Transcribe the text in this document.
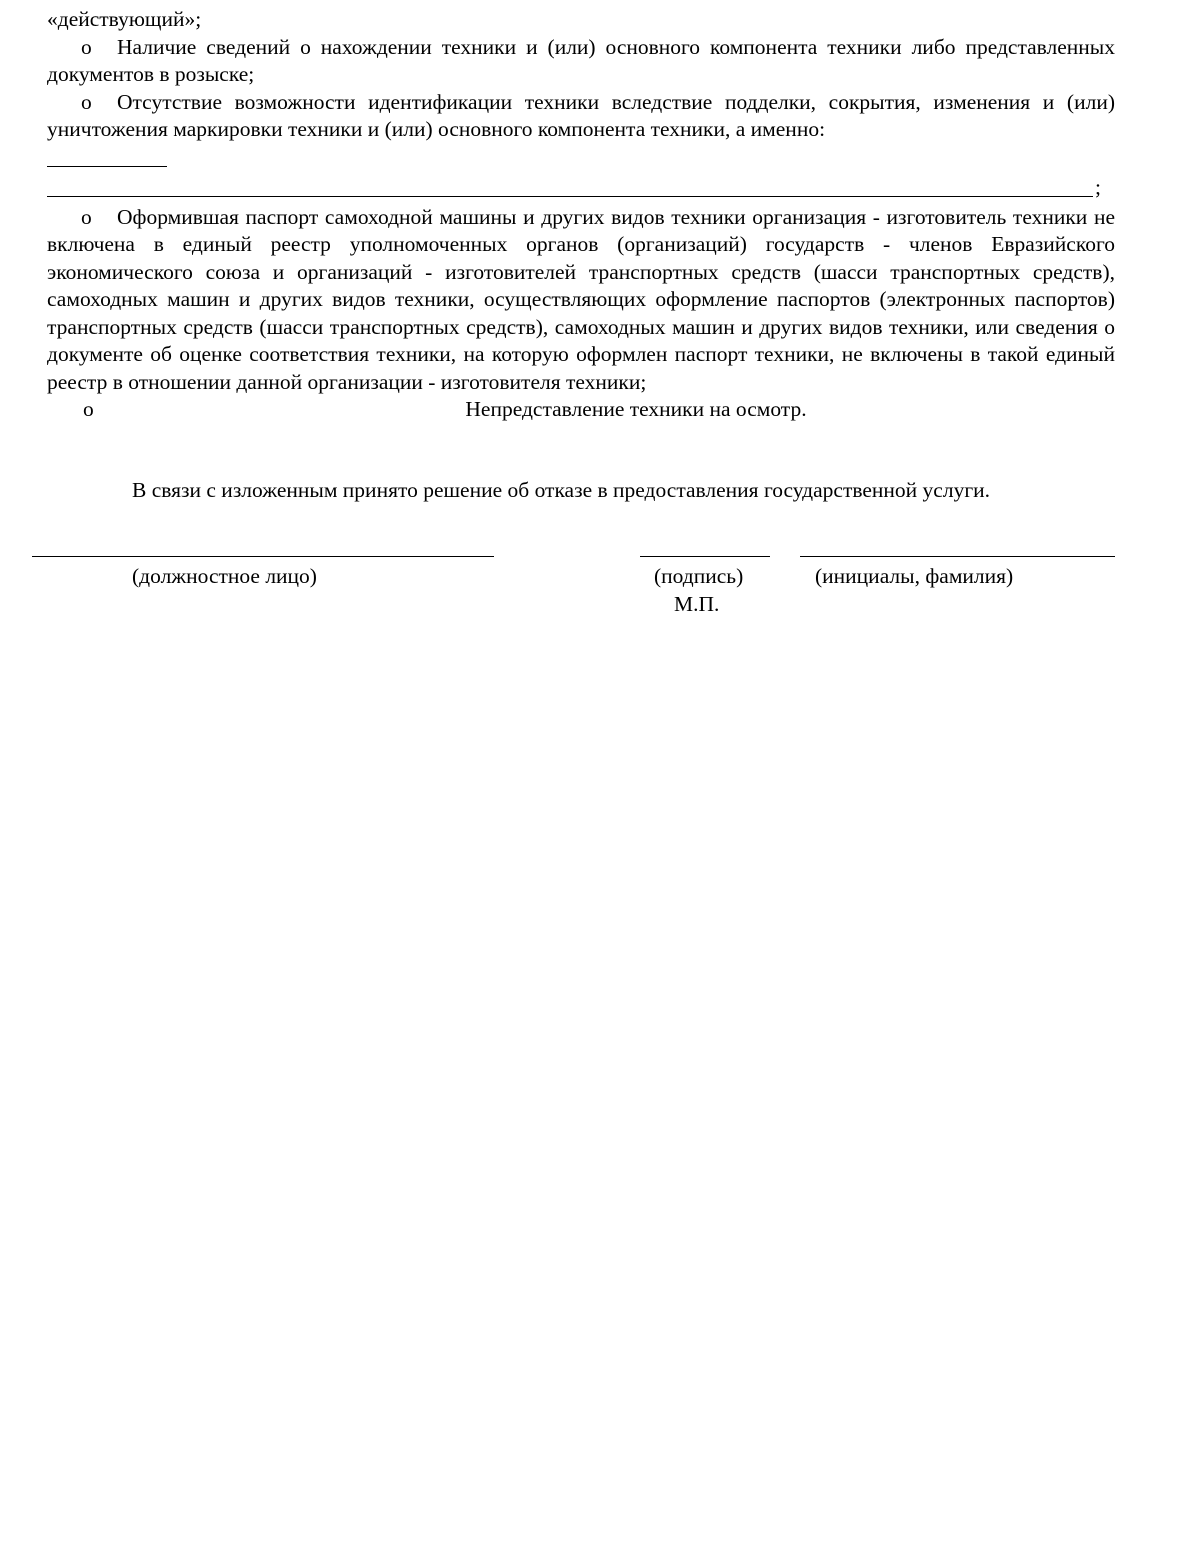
«действующий»;
o	Наличие сведений о нахождении техники и (или) основного компонента техники либо представленных документов в розыске;
o	Отсутствие возможности идентификации техники вследствие подделки, сокрытия, изменения и (или) уничтожения маркировки техники и (или) основного компонента техники, а именно:
;
o	Оформившая паспорт самоходной машины и других видов техники организация - изготовитель техники не включена в единый реестр уполномоченных органов (организаций) государств - членов Евразийского экономического союза и организаций - изготовителей транспортных средств (шасси транспортных средств), самоходных машин и других видов техники, осуществляющих оформление паспортов (электронных паспортов) транспортных средств (шасси транспортных средств), самоходных машин и других видов техники, или сведения о документе об оценке соответствия техники, на которую оформлен паспорт техники, не включены в такой единый реестр в отношении данной организации - изготовителя техники;
o	Непредставление техники на осмотр.
В связи с изложенным принято решение об отказе в предоставления государственной услуги.
(должностное лицо)	(подпись)	(инициалы, фамилия)
М.П.
